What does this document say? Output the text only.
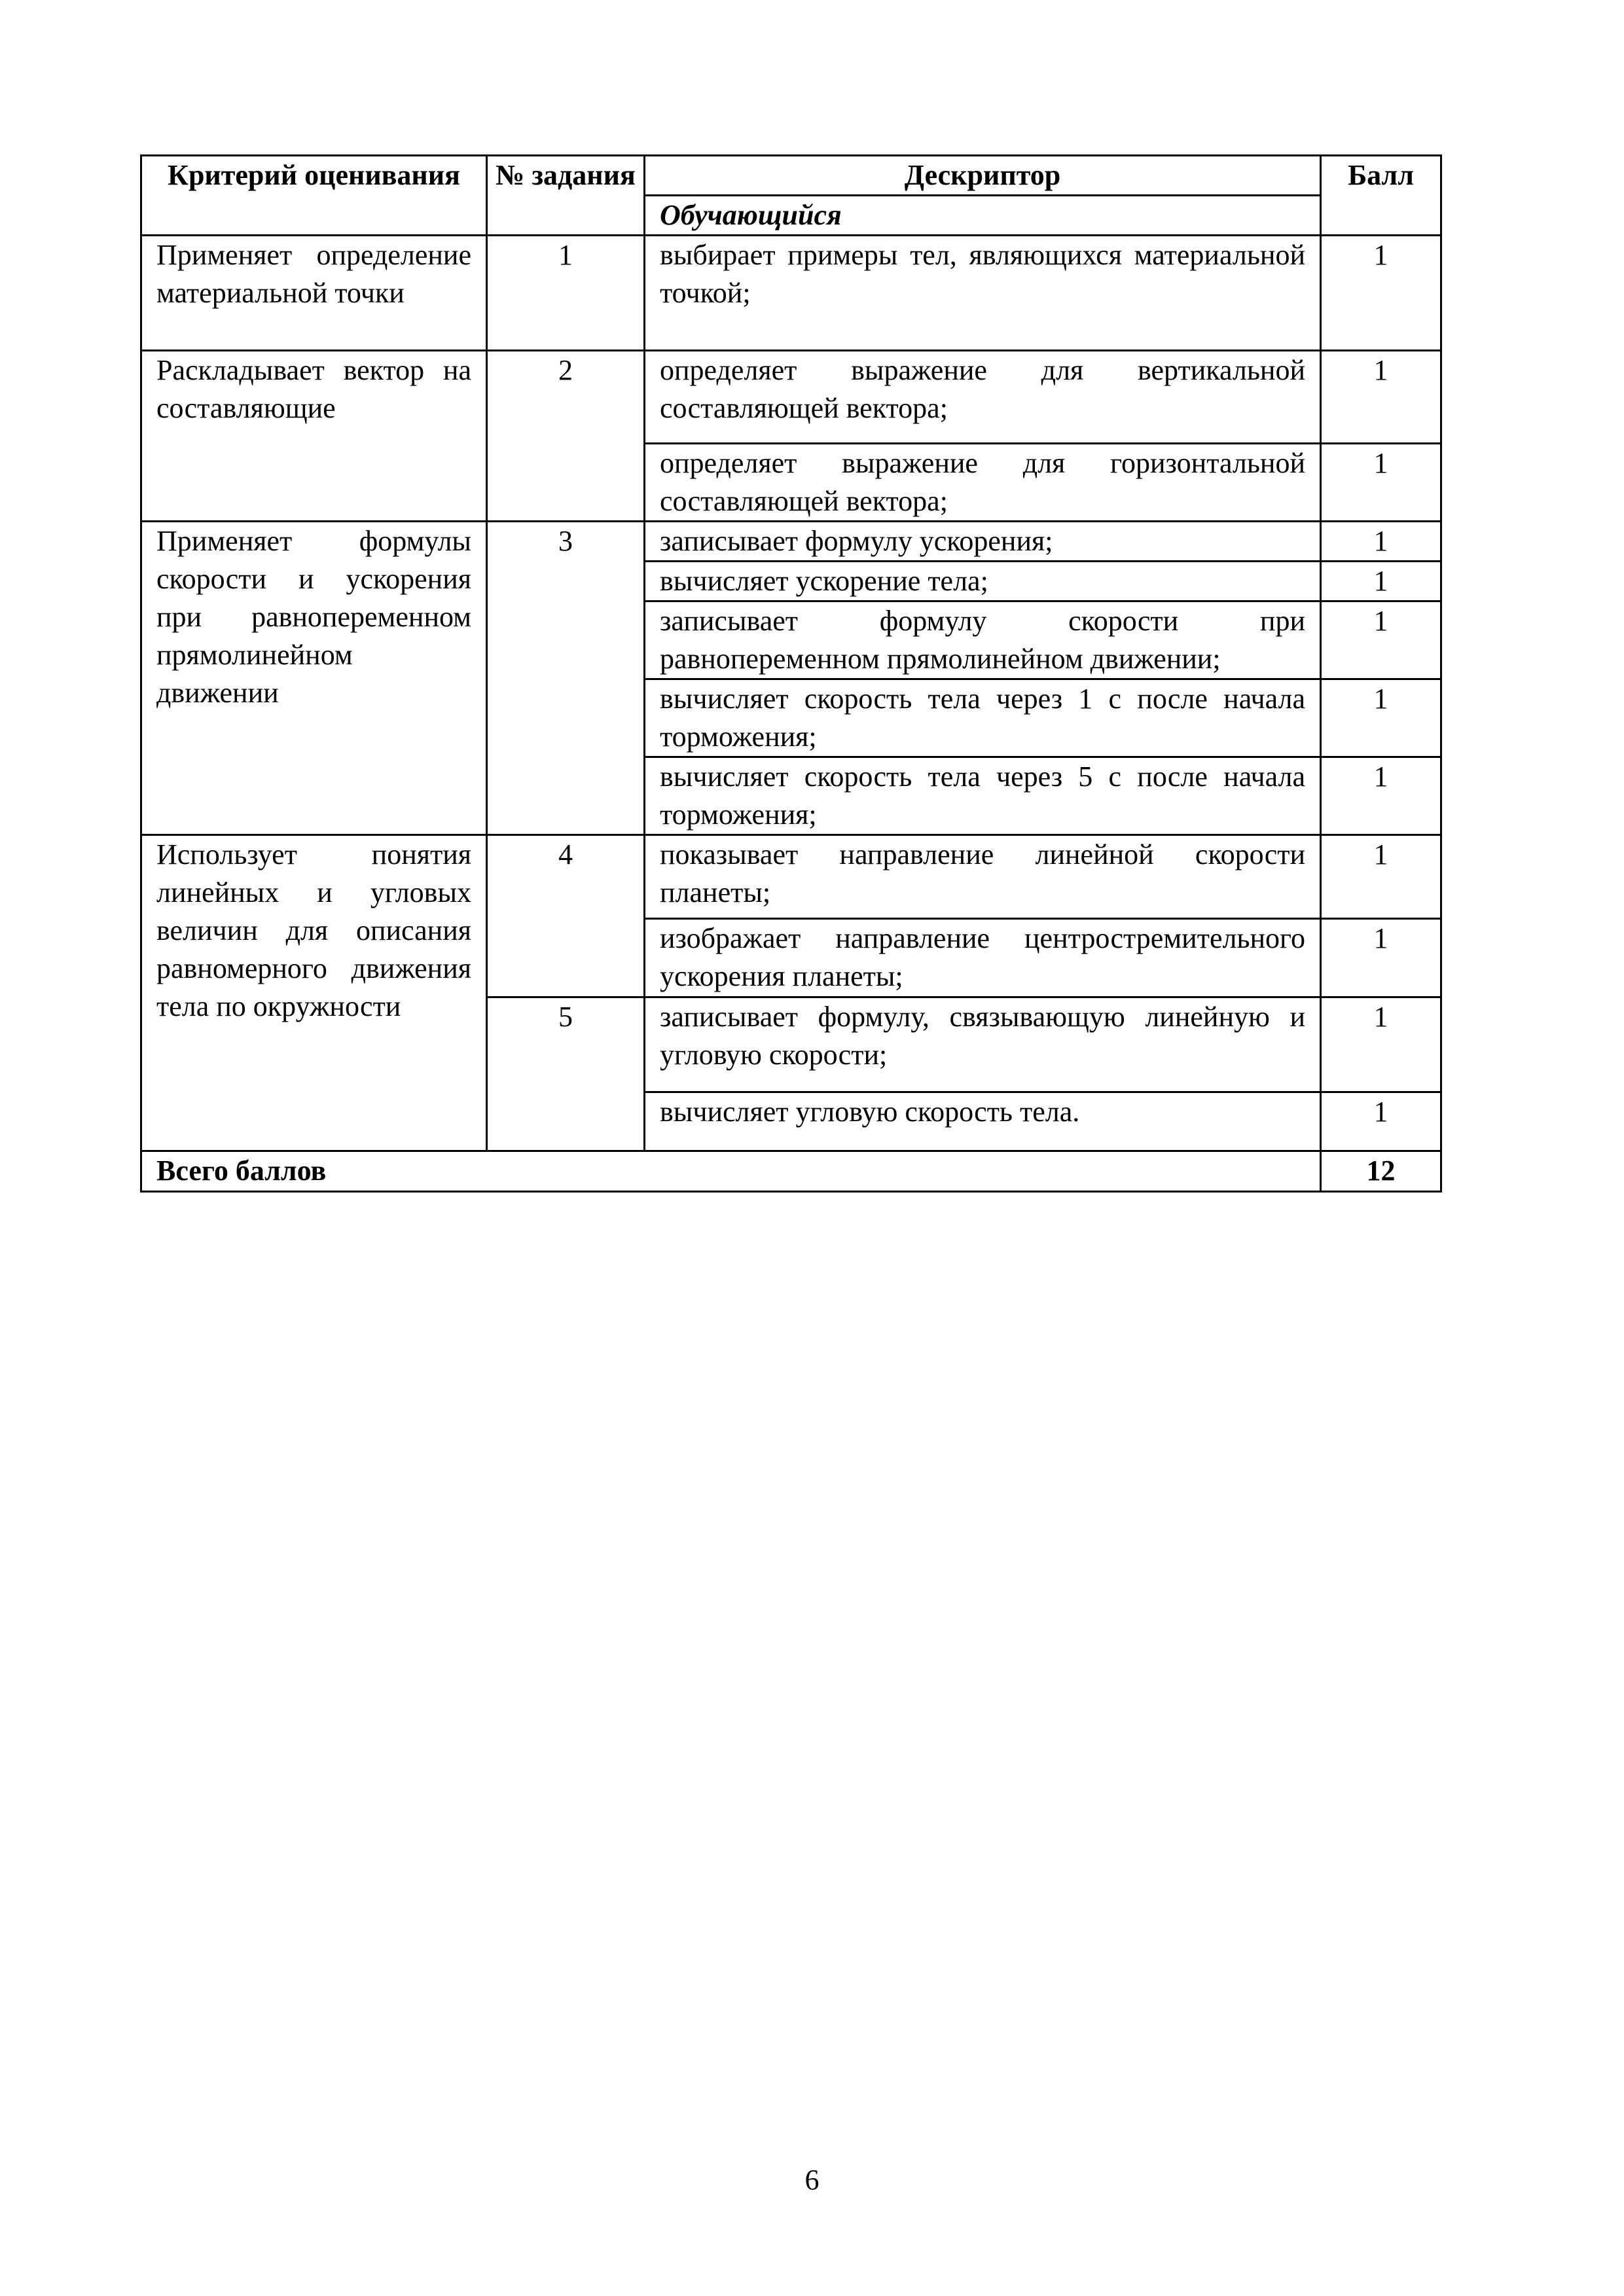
Критерий оценивания	№ задания	Дескриптор	Балл
		Обучающийся	
Применяет определение материальной точки	1	выбирает примеры тел, являющихся материальной точкой;	1
Раскладывает вектор на составляющие	2	определяет выражение для вертикальной составляющей вектора;	1
		определяет выражение для горизонтальной составляющей вектора;	1
Применяет формулы скорости и ускорения при равнопеременном прямолинейном движении	3	записывает формулу ускорения;	1
		вычисляет ускорение тела;	1
		записывает формулу скорости при равнопеременном прямолинейном движении;	1
		вычисляет скорость тела через 1 с после начала торможения;	1
		вычисляет скорость тела через 5 с после начала торможения;	1
Использует понятия линейных и угловых величин для описания равномерного движения тела по окружности	4	показывает направление линейной скорости планеты;	1
		изображает направление центростремительного ускорения планеты;	1
	5	записывает формулу, связывающую линейную и угловую скорости;	1
		вычисляет угловую скорость тела.	1
Всего баллов			12
6
